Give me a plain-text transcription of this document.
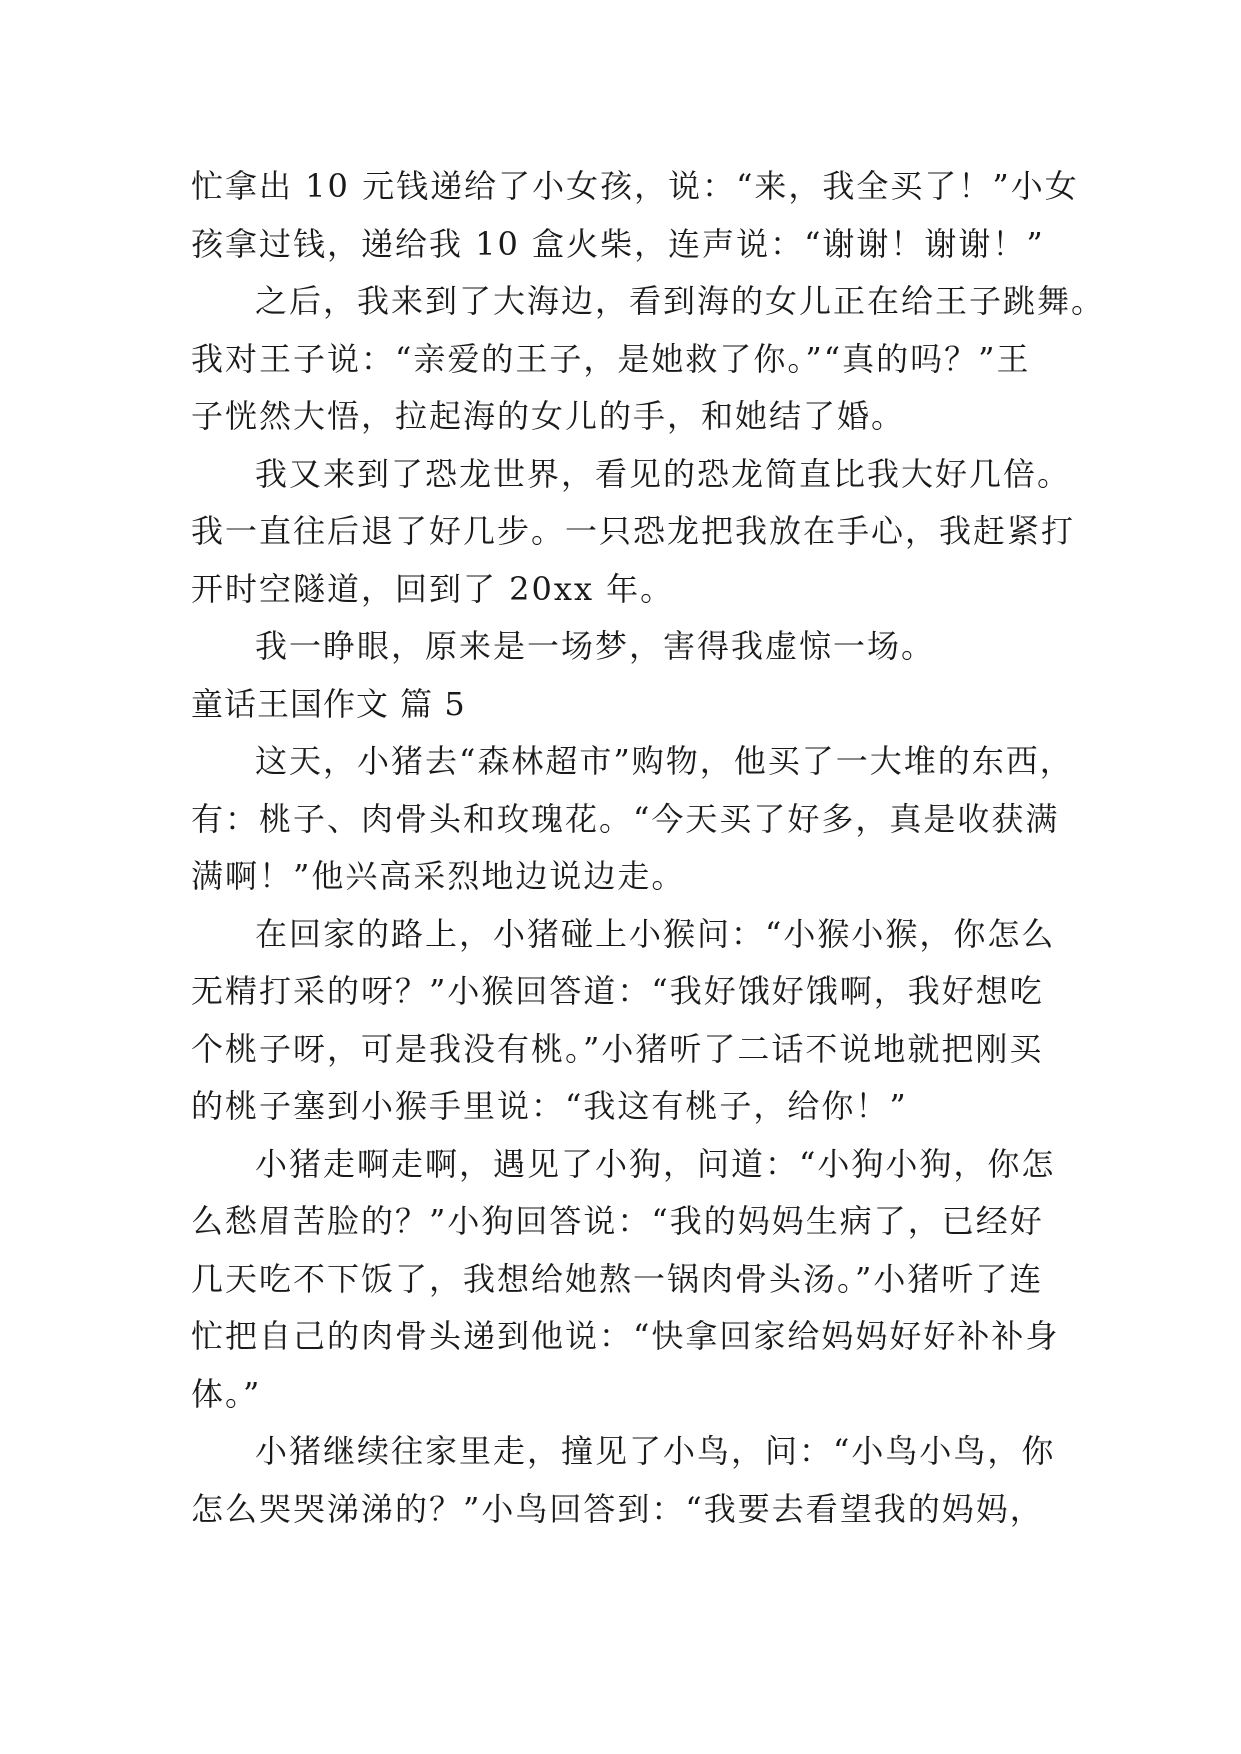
忙拿出 10 元钱递给了小女孩，说：“来，我全买了！”小女
孩拿过钱，递给我 10 盒火柴，连声说：“谢谢！谢谢！”
之后，我来到了大海边，看到海的女儿正在给王子跳舞。
我对王子说：“亲爱的王子，是她救了你。”“真的吗？”王
子恍然大悟，拉起海的女儿的手，和她结了婚。
我又来到了恐龙世界，看见的恐龙简直比我大好几倍。
我一直往后退了好几步。一只恐龙把我放在手心，我赶紧打
开时空隧道，回到了 20xx 年。
我一睁眼，原来是一场梦，害得我虚惊一场。
童话王国作文 篇 5
这天，小猪去“森林超市”购物，他买了一大堆的东西，
有：桃子、肉骨头和玫瑰花。“今天买了好多，真是收获满
满啊！”他兴高采烈地边说边走。
在回家的路上，小猪碰上小猴问：“小猴小猴，你怎么
无精打采的呀？”小猴回答道：“我好饿好饿啊，我好想吃
个桃子呀，可是我没有桃。”小猪听了二话不说地就把刚买
的桃子塞到小猴手里说：“我这有桃子，给你！”
小猪走啊走啊，遇见了小狗，问道：“小狗小狗，你怎
么愁眉苦脸的？”小狗回答说：“我的妈妈生病了，已经好
几天吃不下饭了，我想给她熬一锅肉骨头汤。”小猪听了连
忙把自己的肉骨头递到他说：“快拿回家给妈妈好好补补身
体。”
小猪继续往家里走，撞见了小鸟，问：“小鸟小鸟，你
怎么哭哭涕涕的？”小鸟回答到：“我要去看望我的妈妈，
